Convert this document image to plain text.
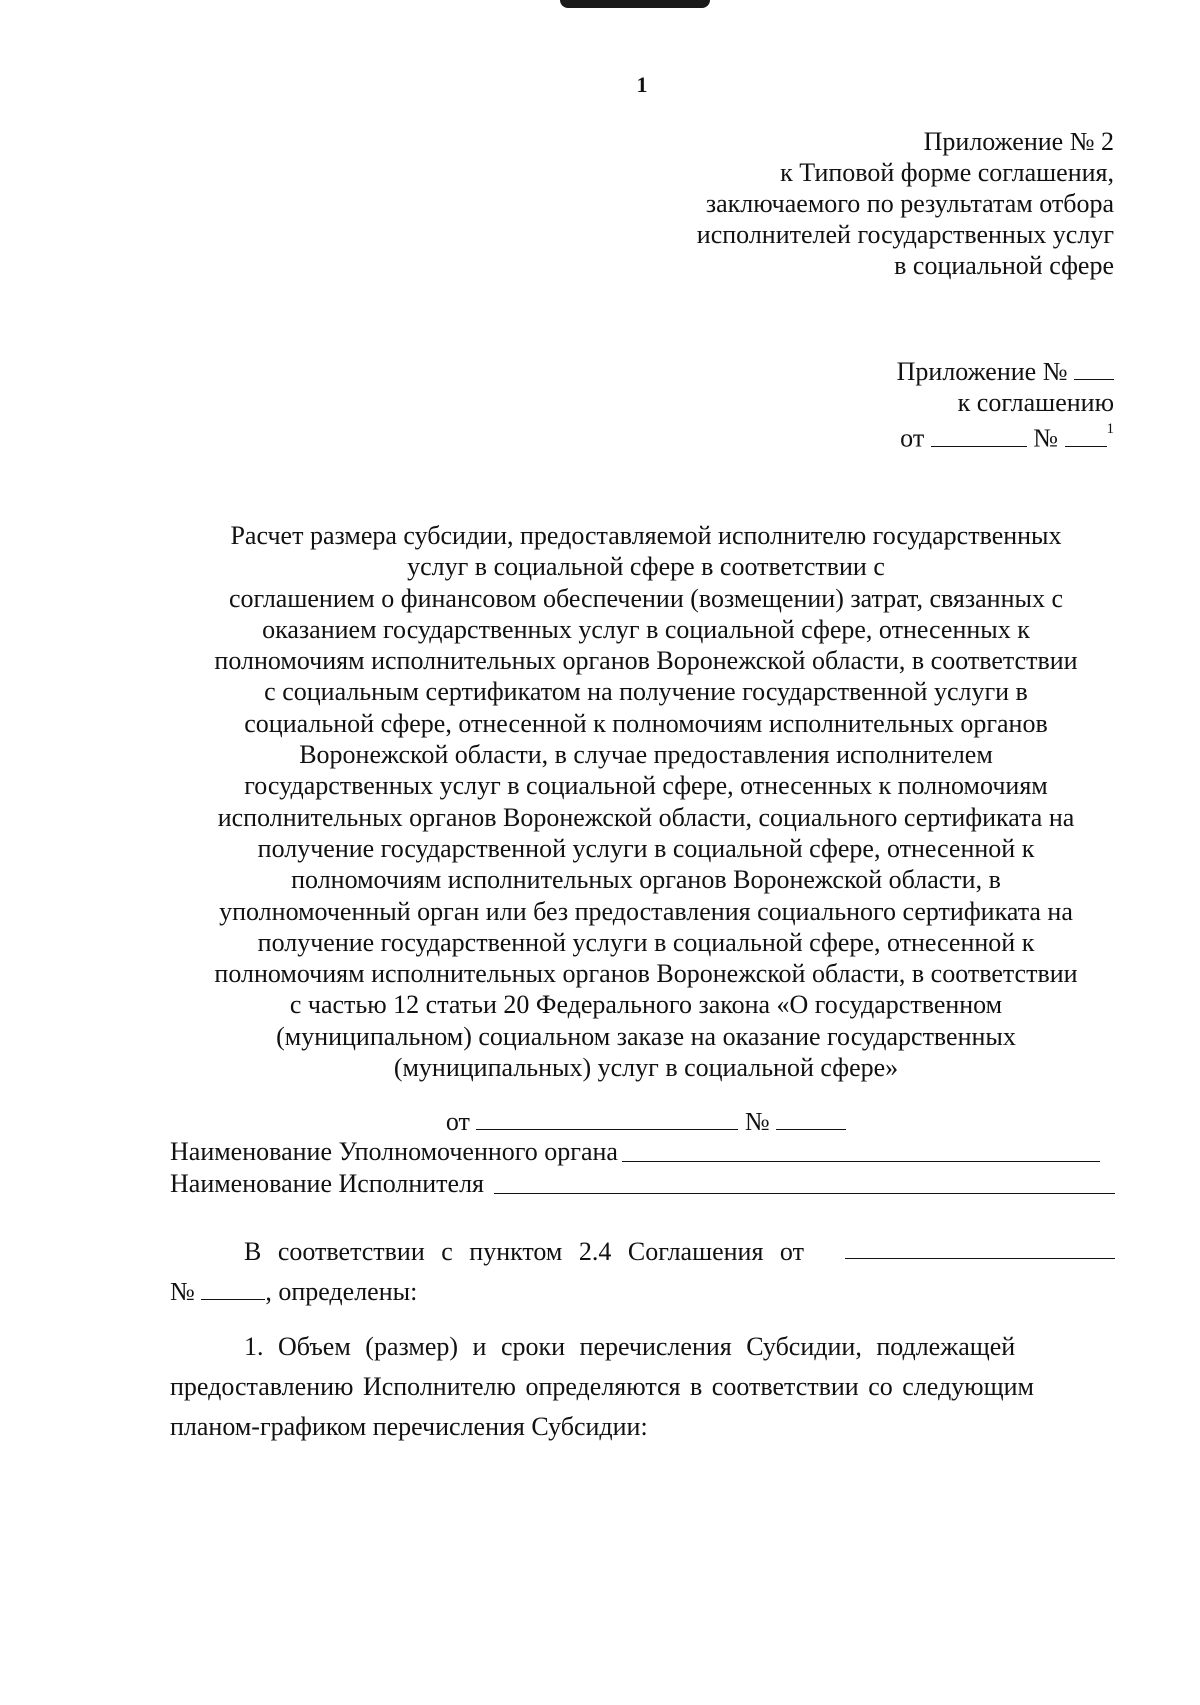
1
Приложение № 2
к Типовой форме соглашения,
заключаемого по результатам отбора
исполнителей государственных услуг
в социальной сфере
Приложение №
к соглашению
от	№	$^1$
Расчет размера субсидии, предоставляемой исполнителю государственных
услуг в социальной сфере в соответствии с
соглашением о финансовом обеспечении (возмещении) затрат, связанных с
оказанием государственных услуг в социальной сфере, отнесенных к
полномочиям исполнительных органов Воронежской области, в соответствии
с социальным сертификатом на получение государственной услуги в
социальной сфере, отнесенной к полномочиям исполнительных органов
Воронежской области, в случае предоставления исполнителем
государственных услуг в социальной сфере, отнесенных к полномочиям
исполнительных органов Воронежской области, социального сертификата на
получение государственной услуги в социальной сфере, отнесенной к
полномочиям исполнительных органов Воронежской области, в
уполномоченный орган или без предоставления социального сертификата на
получение государственной услуги в социальной сфере, отнесенной к
полномочиям исполнительных органов Воронежской области, в соответствии
с частью 12 статьи 20 Федерального закона «О государственном
(муниципальном) социальном заказе на оказание государственных
(муниципальных) услуг в социальной сфере»
от	№
Наименование Уполномоченного органа
Наименование Исполнителя
В соответствии с пунктом 2.4 Соглашения от
№	, определены:
1. Объем (размер) и сроки перечисления Субсидии, подлежащей
предоставлению Исполнителю определяются в соответствии со следующим
планом-графиком перечисления Субсидии:
